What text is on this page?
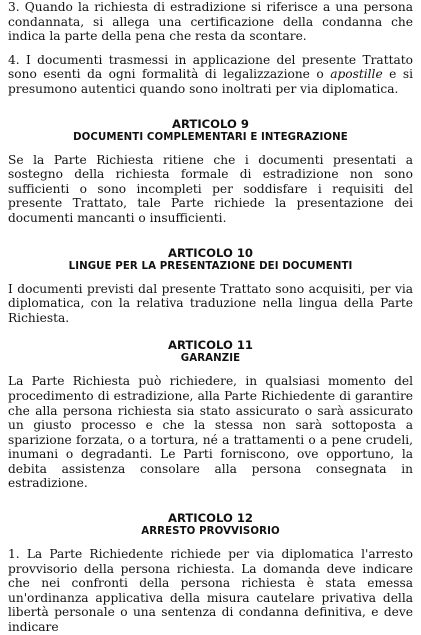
3. Quando la richiesta di estradizione si riferisce a una persona condannata, si allega una certificazione della condanna che indica la parte della pena che resta da scontare.

4. I documenti trasmessi in applicazione del presente Trattato sono esenti da ogni formalità di legalizzazione o apostille e si presumono autentici quando sono inoltrati per via diplomatica.

ARTICOLO 9
DOCUMENTI COMPLEMENTARI E INTEGRAZIONE

Se la Parte Richiesta ritiene che i documenti presentati a sostegno della richiesta formale di estradizione non sono sufficienti o sono incompleti per soddisfare i requisiti del presente Trattato, tale Parte richiede la presentazione dei documenti mancanti o insufficienti.

ARTICOLO 10
LINGUE PER LA PRESENTAZIONE DEI DOCUMENTI

I documenti previsti dal presente Trattato sono acquisiti, per via diplomatica, con la relativa traduzione nella lingua della Parte Richiesta.

ARTICOLO 11
GARANZIE

La Parte Richiesta può richiedere, in qualsiasi momento del procedimento di estradizione, alla Parte Richiedente di garantire che alla persona richiesta sia stato assicurato o sarà assicurato un giusto processo e che la stessa non sarà sottoposta a sparizione forzata, o a tortura, né a trattamenti o a pene crudeli, inumani o degradanti. Le Parti forniscono, ove opportuno, la debita assistenza consolare alla persona consegnata in estradizione.

ARTICOLO 12
ARRESTO PROVVISORIO

1. La Parte Richiedente richiede per via diplomatica l'arresto provvisorio della persona richiesta. La domanda deve indicare che nei confronti della persona richiesta è stata emessa un'ordinanza applicativa della misura cautelare privativa della libertà personale o una sentenza di condanna definitiva, e deve indicare
